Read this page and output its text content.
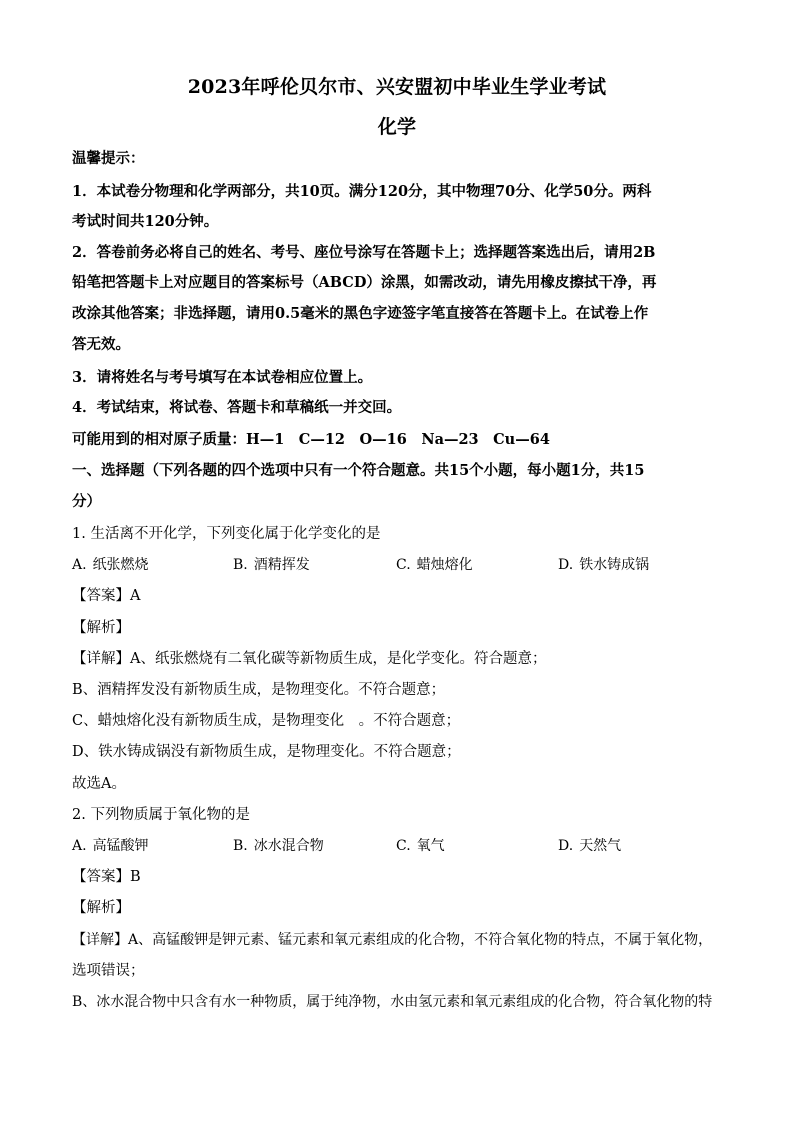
2023年呼伦贝尔市、兴安盟初中毕业生学业考试
化学
温馨提示：
1．本试卷分物理和化学两部分，共10页。满分120分，其中物理70分、化学50分。两科
考试时间共120分钟。
2．答卷前务必将自己的姓名、考号、座位号涂写在答题卡上；选择题答案选出后，请用2B
铅笔把答题卡上对应题目的答案标号（ABCD）涂黑，如需改动，请先用橡皮擦拭干净，再
改涂其他答案；非选择题，请用0.5毫米的黑色字迹签字笔直接答在答题卡上。在试卷上作
答无效。
3．请将姓名与考号填写在本试卷相应位置上。
4．考试结束，将试卷、答题卡和草稿纸一并交回。
可能用到的相对原子质量：H—1　C—12　O—16　Na—23　Cu—64
一、选择题（下列各题的四个选项中只有一个符合题意。共15个小题，每小题1分，共15
分）
1. 生活离不开化学，下列变化属于化学变化的是
A. 纸张燃烧	B. 酒精挥发	C. 蜡烛熔化	D. 铁水铸成锅
【答案】A
【解析】
【详解】A、纸张燃烧有二氧化碳等新物质生成，是化学变化。符合题意；
B、酒精挥发没有新物质生成，是物理变化。不符合题意；
C、蜡烛熔化没有新物质生成，是物理变化　。不符合题意；
D、铁水铸成锅没有新物质生成，是物理变化。不符合题意；
故选A。
2. 下列物质属于氧化物的是
A. 高锰酸钾	B. 冰水混合物	C. 氧气	D. 天然气
【答案】B
【解析】
【详解】A、高锰酸钾是钾元素、锰元素和氧元素组成的化合物，不符合氧化物的特点，不属于氧化物，
选项错误；
B、冰水混合物中只含有水一种物质，属于纯净物，水由氢元素和氧元素组成的化合物，符合氧化物的特
